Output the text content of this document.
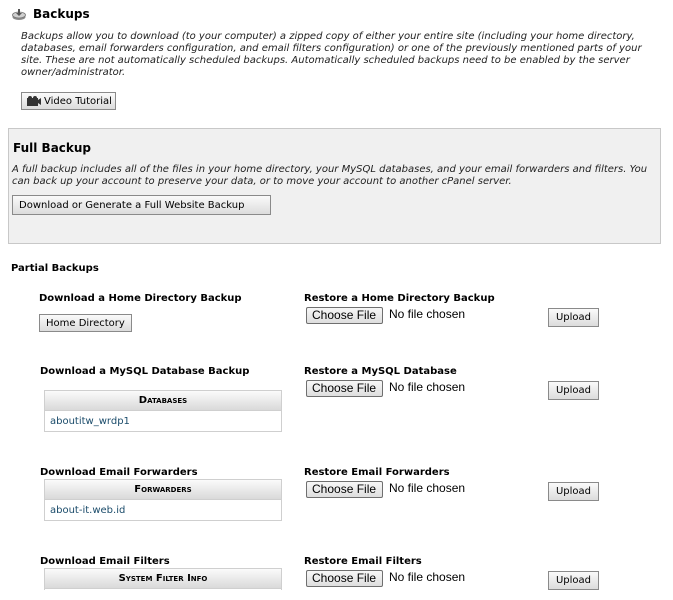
Backups
Backups allow you to download (to your computer) a zipped copy of either your entire site (including your home directory, databases, email forwarders configuration, and email filters configuration) or one of the previously mentioned parts of your site. These are not automatically scheduled backups. Automatically scheduled backups need to be enabled by the server owner/administrator.
Video Tutorial
Full Backup
A full backup includes all of the files in your home directory, your MySQL databases, and your email forwarders and filters. You can back up your account to preserve your data, or to move your account to another cPanel server.
Download or Generate a Full Website Backup
Partial Backups
Download a Home Directory Backup
Home Directory
Restore a Home Directory Backup
Choose File	No file chosen	Upload
Download a MySQL Database Backup
Databases
aboutitw_wrdp1
Restore a MySQL Database
Choose File	No file chosen	Upload
Download Email Forwarders
Forwarders
about-it.web.id
Restore Email Forwarders
Choose File	No file chosen	Upload
Download Email Filters
System Filter Info
Restore Email Filters
Choose File	No file chosen	Upload
